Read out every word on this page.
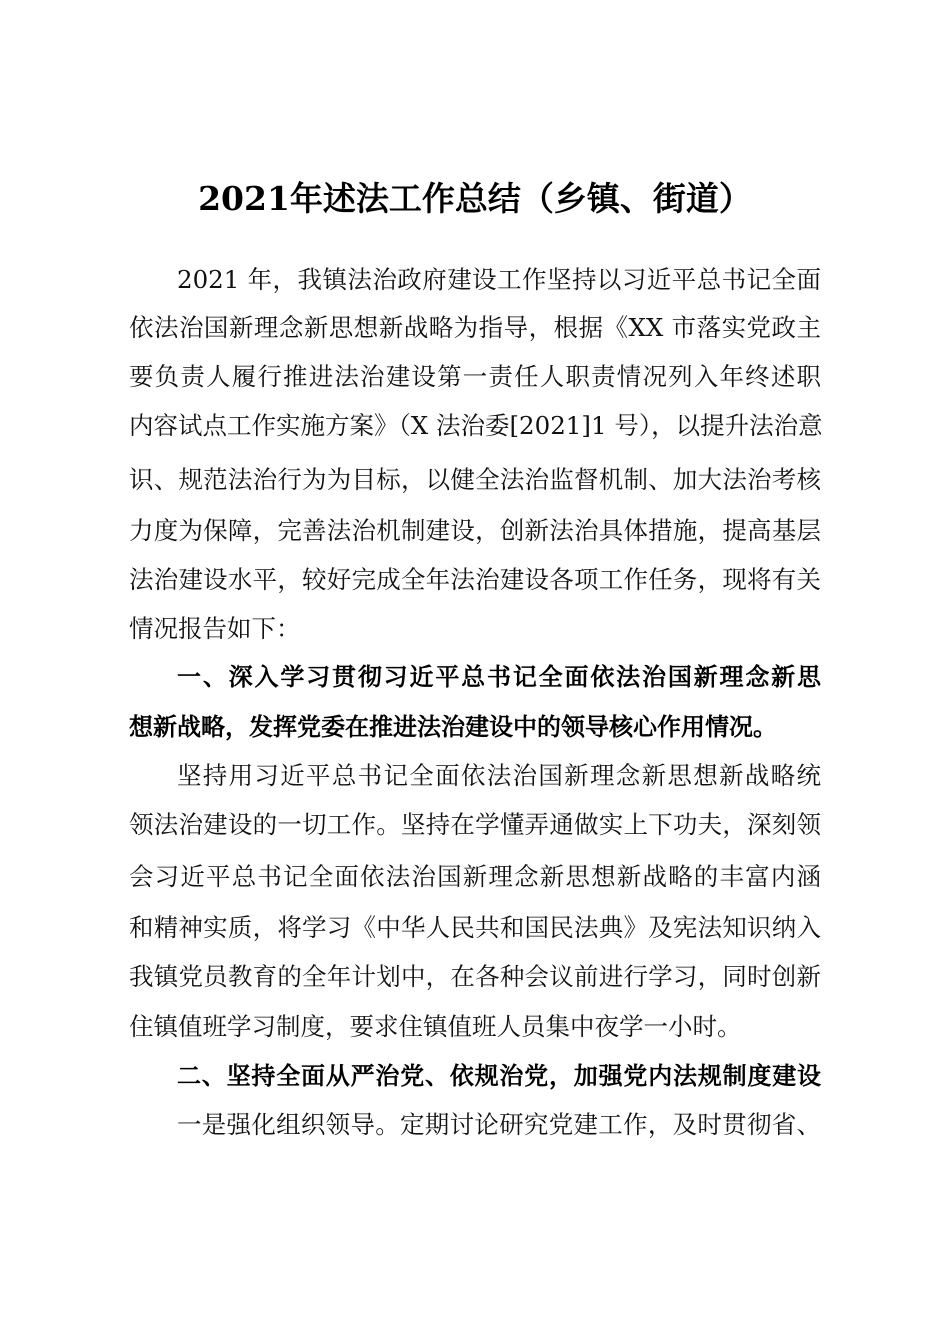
2021年述法工作总结（乡镇、街道）
2021 年，我镇法治政府建设工作坚持以习近平总书记全面
依法治国新理念新思想新战略为指导，根据《XX 市落实党政主
要负责人履行推进法治建设第一责任人职责情况列入年终述职
内容试点工作实施方案》（X 法治委[2021]1 号），以提升法治意
识、规范法治行为为目标，以健全法治监督机制、加大法治考核
力度为保障，完善法治机制建设，创新法治具体措施，提高基层
法治建设水平，较好完成全年法治建设各项工作任务，现将有关
情况报告如下：
一、深入学习贯彻习近平总书记全面依法治国新理念新思
想新战略，发挥党委在推进法治建设中的领导核心作用情况。
坚持用习近平总书记全面依法治国新理念新思想新战略统
领法治建设的一切工作。坚持在学懂弄通做实上下功夫，深刻领
会习近平总书记全面依法治国新理念新思想新战略的丰富内涵
和精神实质，将学习《中华人民共和国民法典》及宪法知识纳入
我镇党员教育的全年计划中，在各种会议前进行学习，同时创新
住镇值班学习制度，要求住镇值班人员集中夜学一小时。
二、坚持全面从严治党、依规治党，加强党内法规制度建设
一是强化组织领导。定期讨论研究党建工作，及时贯彻省、
